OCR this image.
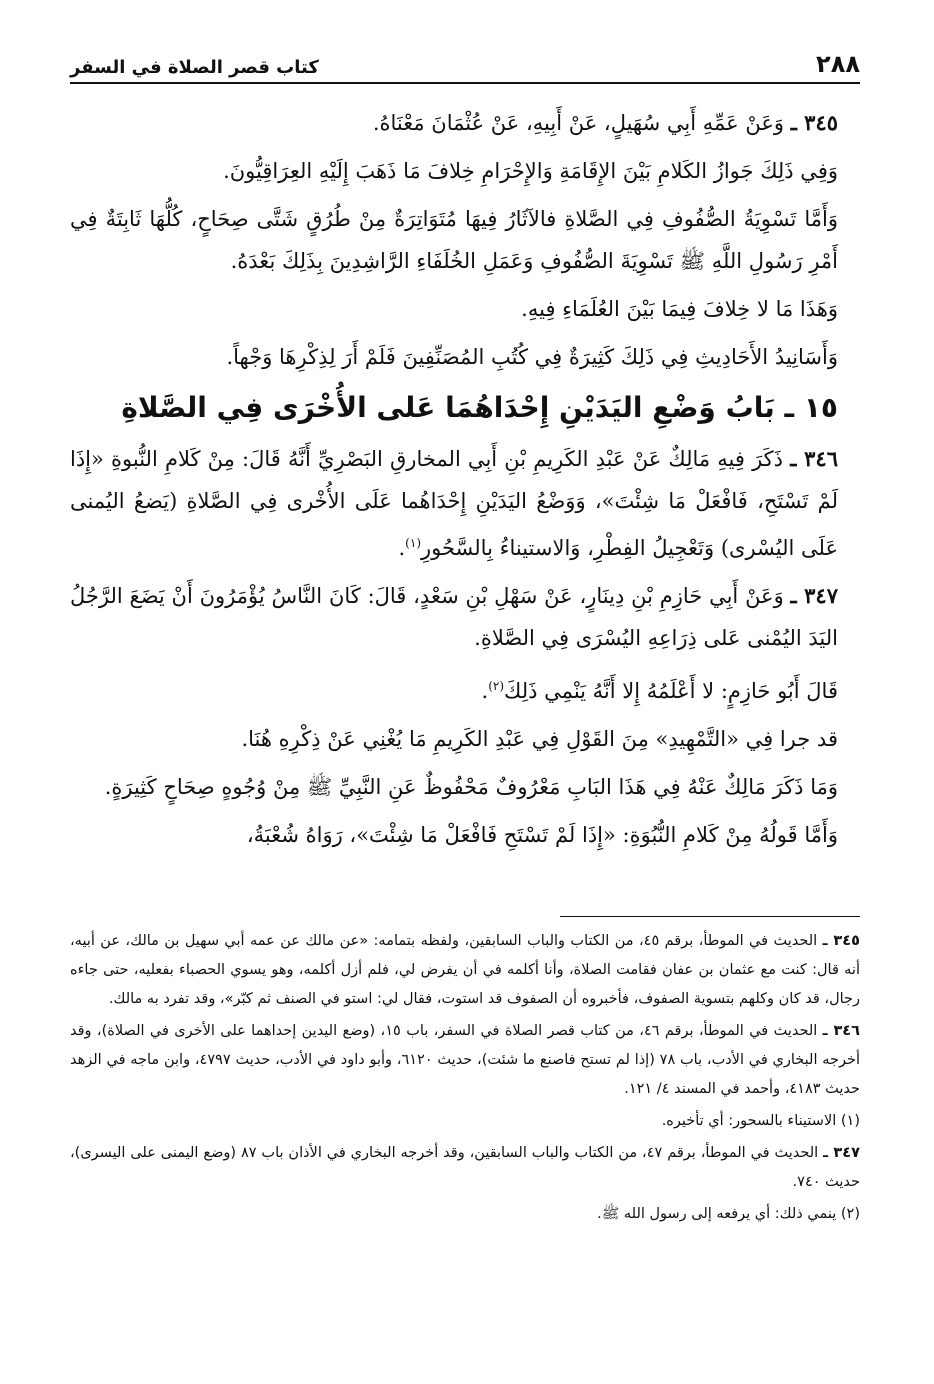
٢٨٨
كتاب قصر الصلاة في السفر

٣٤٥ ـ وَعَنْ عَمِّهِ أَبِي سُهَيلٍ، عَنْ أَبِيهِ، عَنْ عُثْمَانَ مَعْنَاهُ.

وَفِي ذَلِكَ جَوازُ الكَلامِ بَيْنَ الإِقَامَةِ وَالإِحْرَامِ خِلافَ مَا ذَهَبَ إِلَيْهِ العِرَاقِيُّونَ.

وَأَمَّا تَسْوِيَةُ الصُّفُوفِ فِي الصَّلاةِ فالآثَارُ فِيهَا مُتَوَاتِرَةٌ مِنْ طُرُقٍ شَتَّى صِحَاحٍ، كُلُّهَا ثَابِتَةٌ فِي أَمْرِ رَسُولِ اللَّهِ ﷺ تَسْوِيَةَ الصُّفُوفِ وَعَمَلِ الخُلَفَاءِ الرَّاشِدِينَ بِذَلِكَ بَعْدَهُ.

وَهَذَا مَا لا خِلافَ فِيمَا بَيْنَ العُلَمَاءِ فِيهِ.

وَأَسَانِيدُ الأَحَادِيثِ فِي ذَلِكَ كَثِيرَةٌ فِي كُتُبِ المُصَنِّفِينَ فَلَمْ أَرَ لِذِكْرِهَا وَجْهاً.

١٥ ـ بَابُ وَضْعِ اليَدَيْنِ إِحْدَاهُمَا عَلى الأُخْرَى فِي الصَّلاةِ

٣٤٦ ـ ذَكَرَ فِيهِ مَالِكٌ عَنْ عَبْدِ الكَرِيمِ بْنِ أَبِي المخارقِ البَصْرِيِّ أَنَّهُ قَالَ: مِنْ كَلامِ النُّبوةِ «إِذَا لَمْ تَسْتَحِ، فَافْعَلْ مَا شِئْتَ»، وَوَضْعُ اليَدَيْنِ إِحْدَاهُما عَلَى الأُخْرى فِي الصَّلاةِ (يَضعُ اليُمنى عَلَى اليُسْرى) وَتَعْجِيلُ الفِطْرِ، وَالاستيناءُ بِالسَّحُورِ$^{(١)}$.

٣٤٧ ـ وَعَنْ أَبِي حَازِمِ بْنِ دِينَارٍ، عَنْ سَهْلِ بْنِ سَعْدٍ، قَالَ: كَانَ النَّاسُ يُؤْمَرُونَ أَنْ يَضَعَ الرَّجُلُ اليَدَ اليُمْنى عَلى ذِرَاعِهِ اليُسْرَى فِي الصَّلاةِ.

قَالَ أَبُو حَازِمٍ: لا أَعْلَمُهُ إِلا أَنَّهُ يَنْمِي ذَلِكَ$^{(٢)}$.

قد جرا فِي «التَّمْهِيدِ» مِنَ القَوْلِ فِي عَبْدِ الكَرِيمِ مَا يُغْنِي عَنْ ذِكْرِهِ هُنَا.

وَمَا ذَكَرَ مَالِكٌ عَنْهُ فِي هَذَا البَابِ مَعْرُوفٌ مَحْفُوظٌ عَنِ النَّبِيِّ ﷺ مِنْ وُجُوهٍ صِحَاحٍ كَثِيرَةٍ.

وَأَمَّا قَولُهُ مِنْ كَلامِ النُّبُوَةِ: «إِذَا لَمْ تَسْتَحِ فَافْعَلْ مَا شِئْتَ»، رَوَاهُ شُعْبَةُ،

٣٤٥ ـ الحديث في الموطأ، برقم ٤٥، من الكتاب والباب السابقين، ولفظه بتمامه: «عن مالك عن عمه أبي سهيل بن مالك، عن أبيه، أنه قال: كنت مع عثمان بن عفان فقامت الصلاة، وأنا أكلمه في أن يفرض لي، فلم أزل أكلمه، وهو يسوي الحصباء بفعليه، حتى جاءه رجال، قد كان وكلهم بتسوية الصفوف، فأخبروه أن الصفوف قد استوت، فقال لي: استو في الصنف ثم كبّر»، وقد تفرد به مالك.

٣٤٦ ـ الحديث في الموطأ، برقم ٤٦، من كتاب قصر الصلاة في السفر، باب ١٥، (وضع اليدين إحداهما على الأخرى في الصلاة)، وقد أخرجه البخاري في الأدب، باب ٧٨ (إذا لم تستح فاصنع ما شئت)، حديث ٦١٢٠، وأبو داود في الأدب، حديث ٤٧٩٧، وابن ماجه في الزهد حديث ٤١٨٣، وأحمد في المسند ٤/ ١٢١.

(١) الاستيناء بالسحور: أي تأخيره.

٣٤٧ ـ الحديث في الموطأ، برقم ٤٧، من الكتاب والباب السابقين، وقد أخرجه البخاري في الأذان باب ٨٧ (وضع اليمنى على اليسرى)، حديث ٧٤٠.

(٢) ينمي ذلك: أي يرفعه إلى رسول الله ﷺ.
